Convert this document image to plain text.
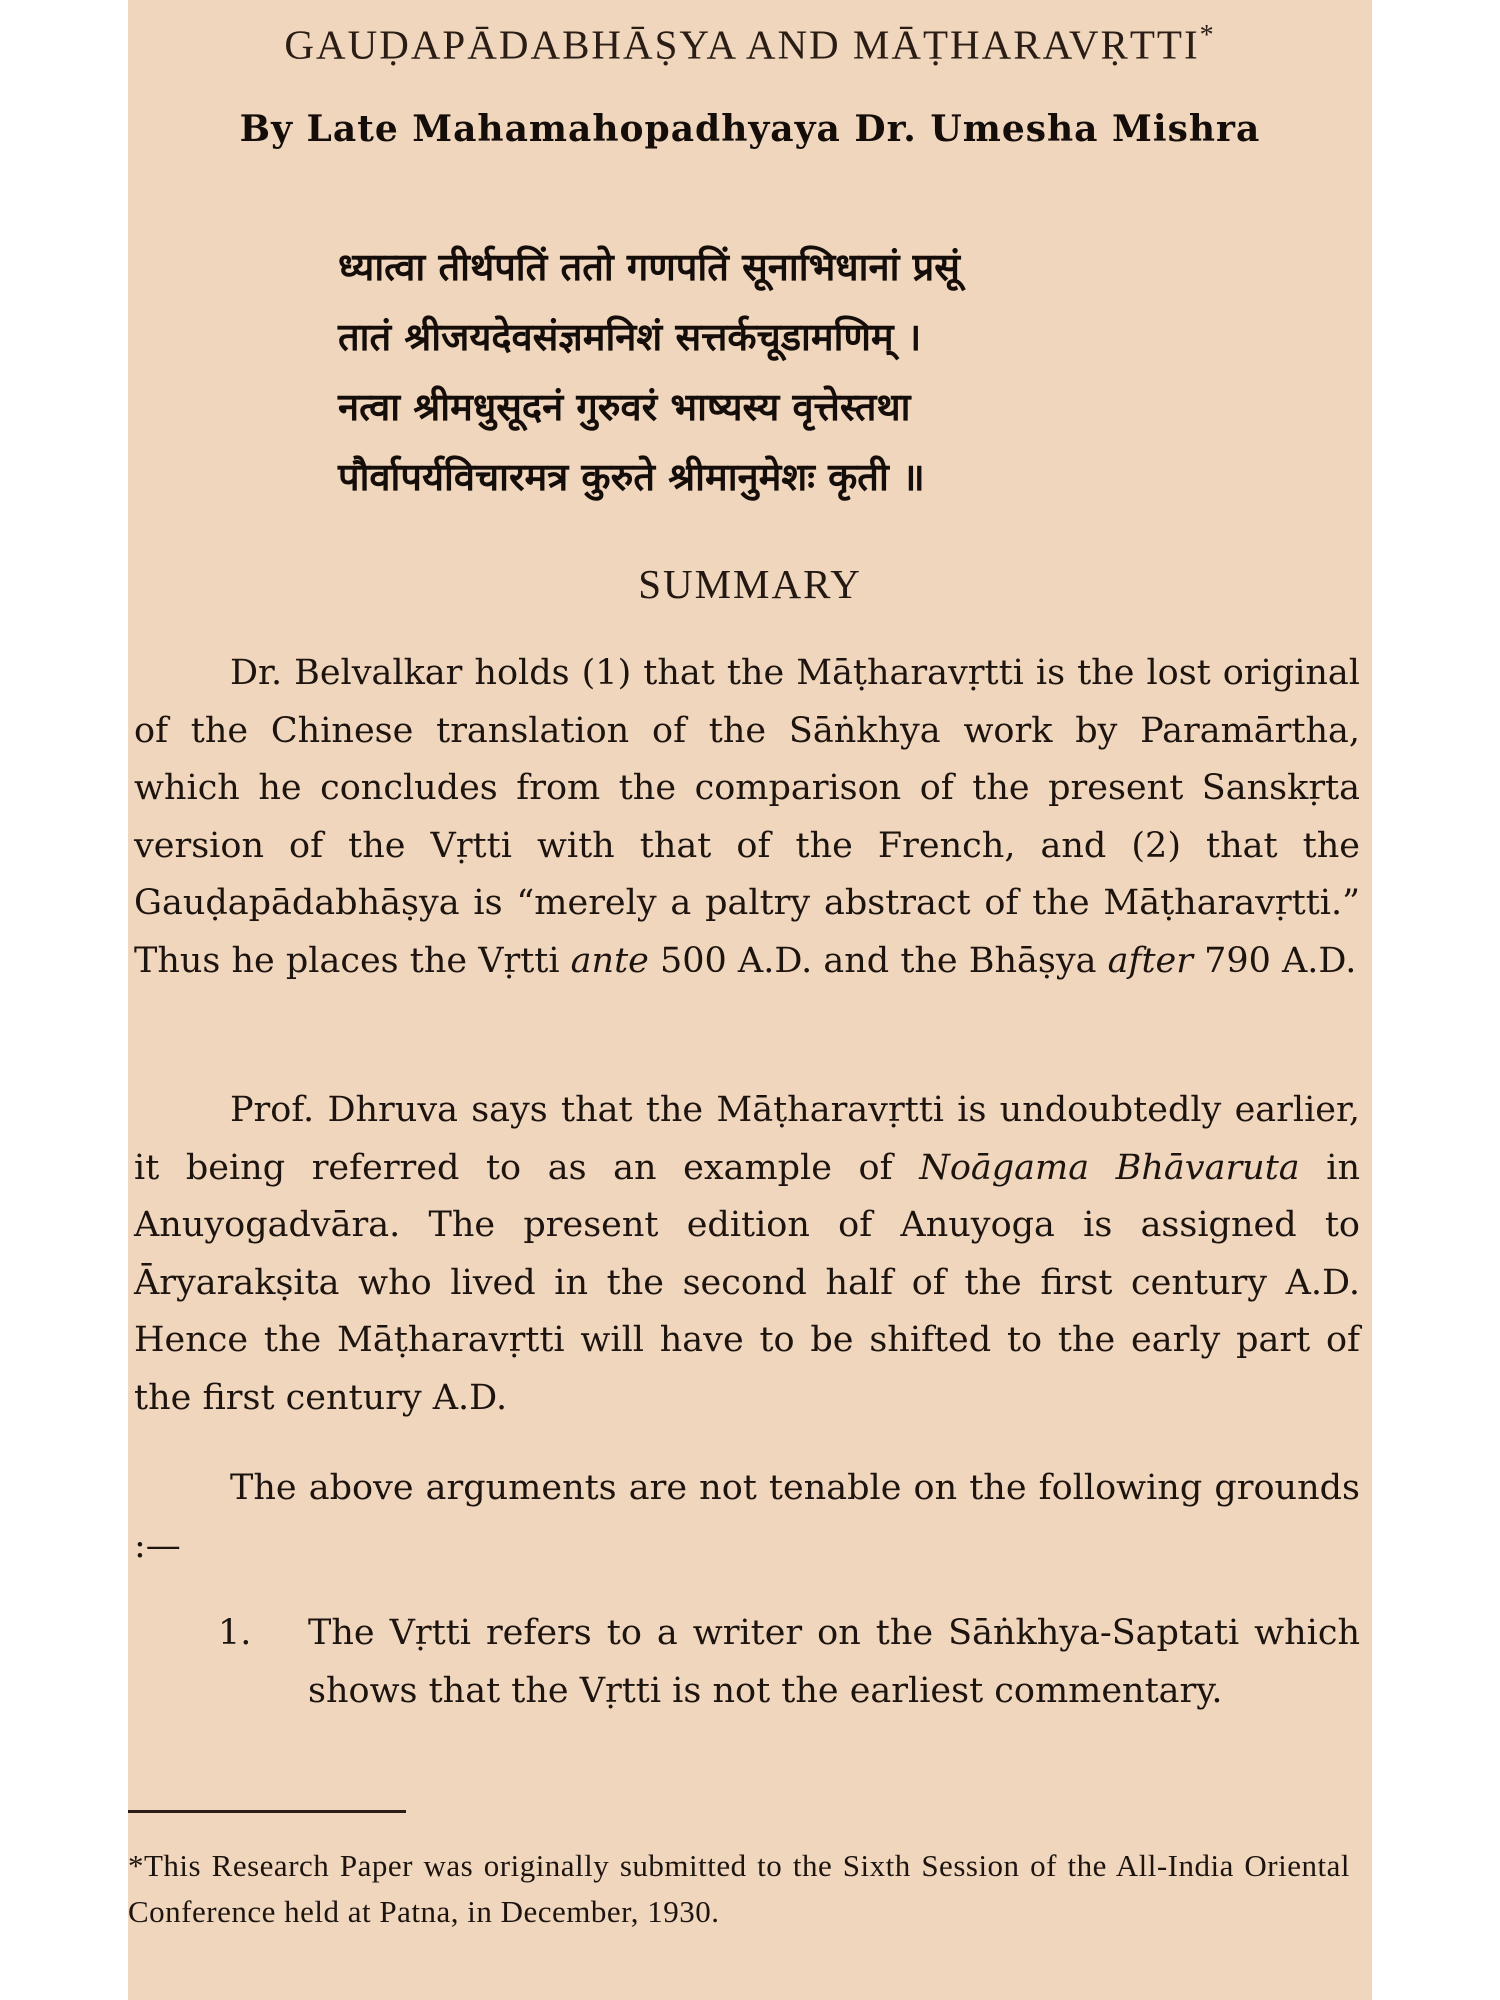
GAUḌAPĀDABHĀṢYA AND MĀṬHARAVṚTTI*
By Late Mahamahopadhyaya Dr. Umesha Mishra
ध्यात्वा तीर्थपतिं ततो गणपतिं सूनाभिधानां प्रसूं
तातं श्रीजयदेवसंज्ञमनिशं सत्तर्कचूडामणिम् ।
नत्वा श्रीमधुसूदनं गुरुवरं भाष्यस्य वृत्तेस्तथा
पौर्वापर्यविचारमत्र कुरुते श्रीमानुमेशः कृती ॥
SUMMARY
Dr. Belvalkar holds (1) that the Māṭharavṛtti is the lost original of the Chinese translation of the Sāṅkhya work by Paramārtha, which he concludes from the comparison of the present Sanskṛta version of the Vṛtti with that of the French, and (2) that the Gauḍapādabhāṣya is “merely a paltry abstract of the Māṭharavṛtti.” Thus he places the Vṛtti ante 500 A.D. and the Bhāṣya after 790 A.D.
Prof. Dhruva says that the Māṭharavṛtti is undoubtedly earlier, it being referred to as an example of Noāgama Bhāvaruta in Anuyogadvāra. The present edition of Anuyoga is assigned to Āryarakṣita who lived in the second half of the first century A.D. Hence the Māṭharavṛtti will have to be shifted to the early part of the first century A.D.
The above arguments are not tenable on the following grounds :—
1. The Vṛtti refers to a writer on the Sāṅkhya-Saptati which shows that the Vṛtti is not the earliest commentary.
*This Research Paper was originally submitted to the Sixth Session of the All-India Oriental Conference held at Patna, in December, 1930.
